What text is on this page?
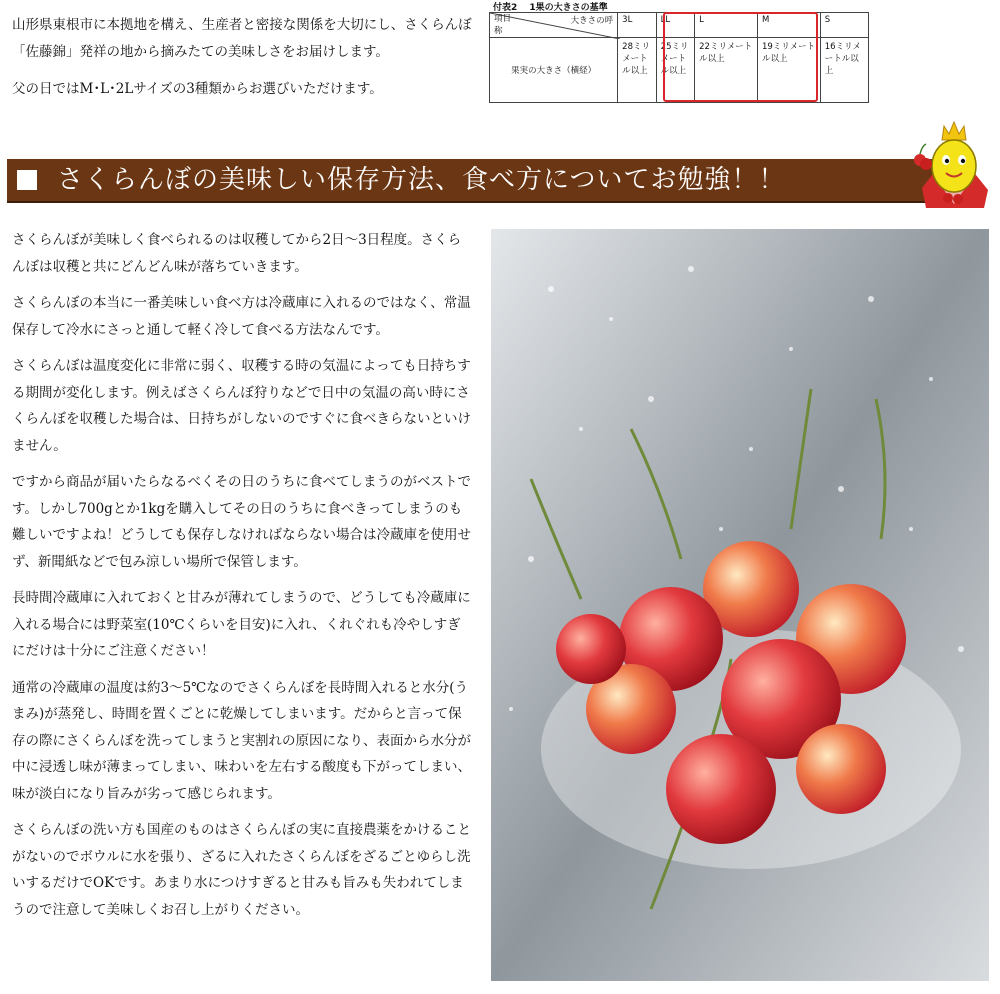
山形県東根市に本拠地を構え、生産者と密接な関係を大切にし、さくらんぼ「佐藤錦」発祥の地から摘みたての美味しさをお届けします。

父の日ではM･L･2Lサイズの3種類からお選びいただけます。

付表2　 1果の大きさの基準
大きさの呼
項目
称	3L	LL	L	M	S
果実の大きさ（横経）	28ミリメートル以上	25ミリメートル以上	22ミリメートル以上	19ミリメートル以上	16ミリメートル以上
さくらんぼの美味しい保存方法、食べ方についてお勉強！！

さくらんぼが美味しく食べられるのは収穫してから2日～3日程度。さくらんぼは収穫と共にどんどん味が落ちていきます。

さくらんぼの本当に一番美味しい食べ方は冷蔵庫に入れるのではなく、常温保存して冷水にさっと通して軽く冷して食べる方法なんです。

さくらんぼは温度変化に非常に弱く、収穫する時の気温によっても日持ちする期間が変化します。例えばさくらんぼ狩りなどで日中の気温の高い時にさくらんぼを収穫した場合は、日持ちがしないのですぐに食べきらないといけません。

ですから商品が届いたらなるべくその日のうちに食べてしまうのがベストです。しかし700gとか1kgを購入してその日のうちに食べきってしまうのも難しいですよね！どうしても保存しなければならない場合は冷蔵庫を使用せず、新聞紙などで包み涼しい場所で保管します。

長時間冷蔵庫に入れておくと甘みが薄れてしまうので、どうしても冷蔵庫に入れる場合には野菜室(10℃くらいを目安)に入れ、くれぐれも冷やしすぎにだけは十分にご注意ください！

通常の冷蔵庫の温度は約3～5℃なのでさくらんぼを長時間入れると水分(うまみ)が蒸発し、時間を置くごとに乾燥してしまいます。だからと言って保存の際にさくらんぼを洗ってしまうと実割れの原因になり、表面から水分が中に浸透し味が薄まってしまい、味わいを左右する酸度も下がってしまい、味が淡白になり旨みが劣って感じられます。

さくらんぼの洗い方も国産のものはさくらんぼの実に直接農薬をかけることがないのでボウルに水を張り、ざるに入れたさくらんぼをざるごとゆらし洗いするだけでOKです。あまり水につけすぎると甘みも旨みも失われてしまうので注意して美味しくお召し上がりください。
